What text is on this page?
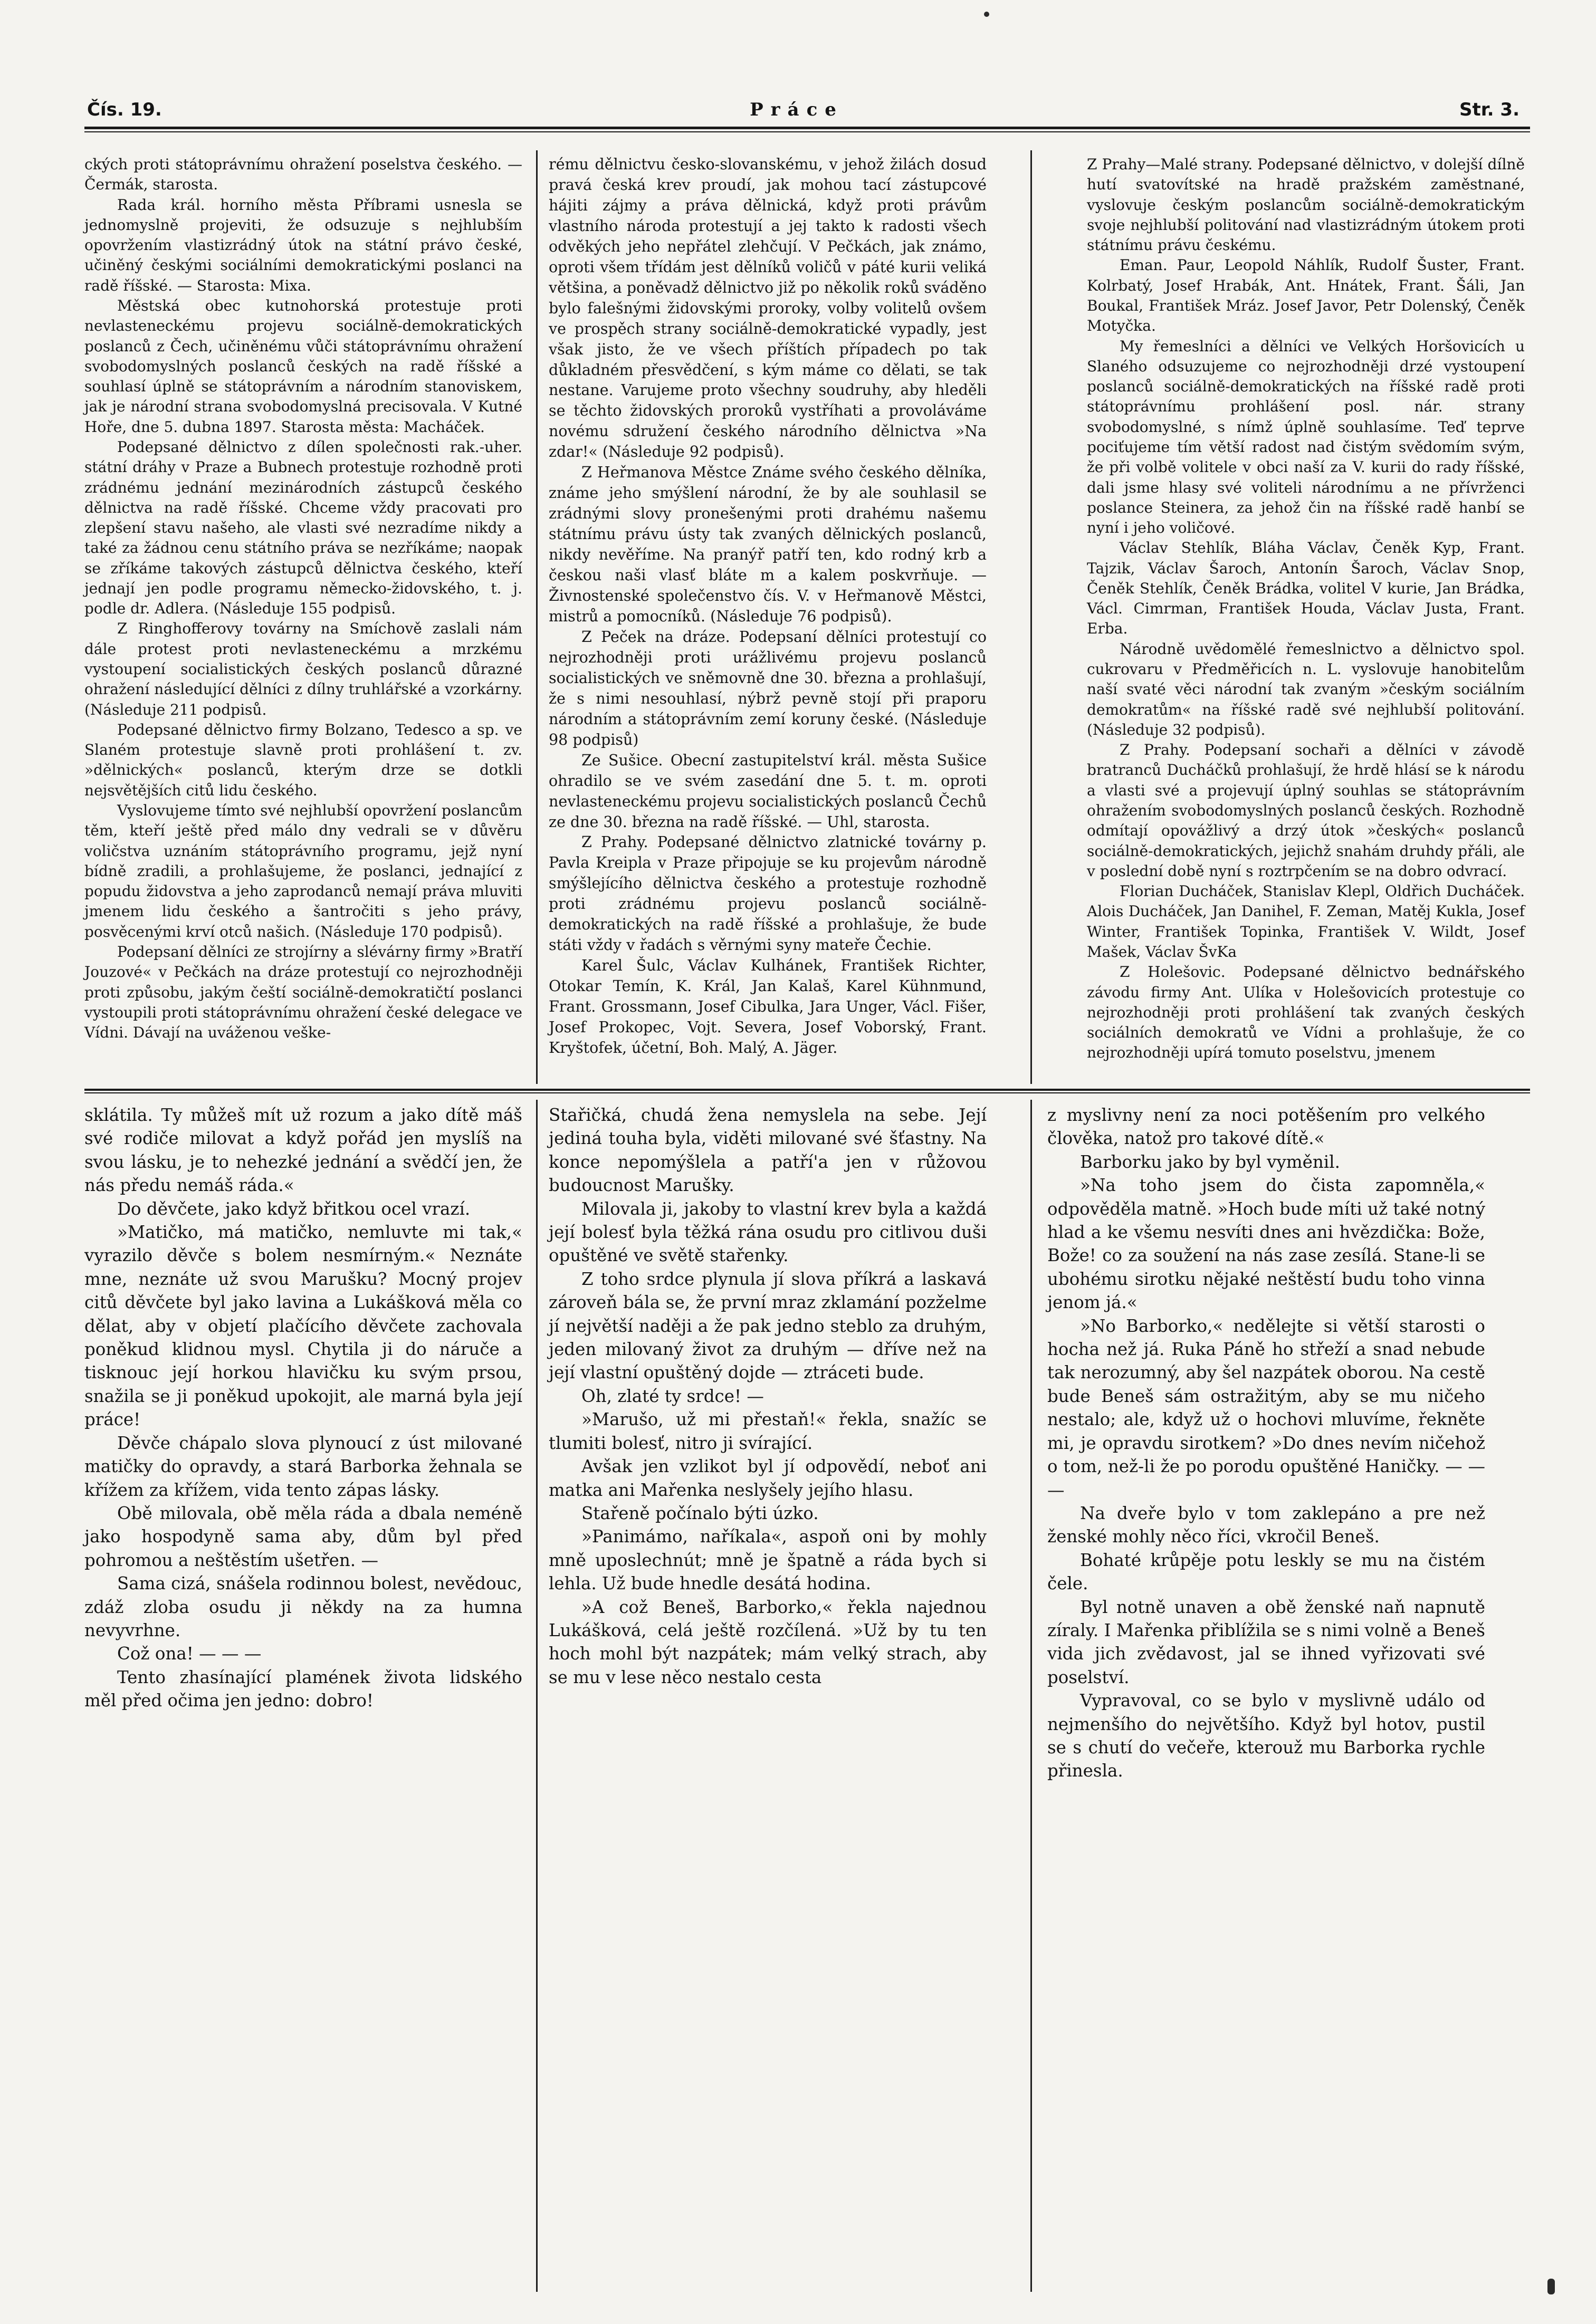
Čís. 19.	Práce	Str. 3.

ckých proti státoprávnímu ohražení poselstva českého. — Čermák, starosta.

Rada král. horního města Příbrami usnesla se jednomyslně projeviti, že odsuzuje s nejhlubším opovržením vlastizrádný útok na státní právo české, učiněný českými sociálními demokratickými poslanci na radě říšské. — Starosta: Mixa.

Městská obec kutnohorská protestuje proti nevlasteneckému projevu sociálně-demokratických poslanců z Čech, učiněnému vůči státoprávnímu ohražení svobodomyslných poslanců českých na radě říšské a souhlasí úplně se státoprávním a národním stanoviskem, jak je národní strana svobodomyslná precisovala. V Kutné Hoře, dne 5. dubna 1897. Starosta města: Macháček.

Podepsané dělnictvo z dílen společnosti rak.-uher. státní dráhy v Praze a Bubnech protestuje rozhodně proti zrádnému jednání mezinárodních zástupců českého dělnictva na radě říšské. Chceme vždy pracovati pro zlepšení stavu našeho, ale vlasti své nezradíme nikdy a také za žádnou cenu státního práva se nezříkáme; naopak se zříkáme takových zástupců dělnictva českého, kteří jednají jen podle programu německo-židovského, t. j. podle dr. Adlera. (Následuje 155 podpisů.

Z Ringhofferovy továrny na Smíchově zaslali nám dále protest proti nevlasteneckému a mrzkému vystoupení socialistických českých poslanců důrazné ohražení následující dělníci z dílny truhlářské a vzorkárny. (Následuje 211 podpisů.

Podepsané dělnictvo firmy Bolzano, Tedesco a sp. ve Slaném protestuje slavně proti prohlášení t. zv. »dělnických« poslanců, kterým drze se dotkli nejsvětějších citů lidu českého.

Vyslovujeme tímto své nejhlubší opovržení poslancům těm, kteří ještě před málo dny vedrali se v důvěru voličstva uznáním státoprávního programu, jejž nyní bídně zradili, a prohlašujeme, že poslanci, jednající z popudu židovstva a jeho zaprodanců nemají práva mluviti jmenem lidu českého a šantročiti s jeho právy, posvěcenými krví otců našich. (Následuje 170 podpisů).

Podepsaní dělníci ze strojírny a slévárny firmy »Bratří Jouzové« v Pečkách na dráze protestují co nejrozhodněji proti způsobu, jakým čeští sociálně-demokratičtí poslanci vystoupili proti státoprávnímu ohražení české delegace ve Vídni. Dávají na uváženou veške-

rému dělnictvu česko-slovanskému, v jehož žilách dosud pravá česká krev proudí, jak mohou tací zástupcové hájiti zájmy a práva dělnická, když proti právům vlastního národa protestují a jej takto k radosti všech odvěkých jeho nepřátel zlehčují. V Pečkách, jak známo, oproti všem třídám jest dělníků voličů v páté kurii veliká většina, a poněvadž dělnictvo již po několik roků sváděno bylo falešnými židovskými proroky, volby volitelů ovšem ve prospěch strany sociálně-demokratické vypadly, jest však jisto, že ve všech příštích případech po tak důkladném přesvědčení, s kým máme co dělati, se tak nestane. Varujeme proto všechny soudruhy, aby hleděli se těchto židovských proroků vystříhati a provoláváme novému sdružení českého národního dělnictva »Na zdar!« (Následuje 92 podpisů).

Z Heřmanova Městce Známe svého českého dělníka, známe jeho smýšlení národní, že by ale souhlasil se zrádnými slovy pronešenými proti drahému našemu státnímu právu ústy tak zvaných dělnických poslanců, nikdy nevěříme. Na pranýř patří ten, kdo rodný krb a českou naši vlasť bláte m a kalem poskvrňuje. — Živnostenské společenstvo čís. V. v Heřmanově Městci, mistrů a pomocníků. (Následuje 76 podpisů).

Z Peček na dráze. Podepsaní dělníci protestují co nejrozhodněji proti urážlivému projevu poslanců socialistických ve sněmovně dne 30. března a prohlašují, že s nimi nesouhlasí, nýbrž pevně stojí při praporu národním a státoprávním zemí koruny české. (Následuje 98 podpisů)

Ze Sušice. Obecní zastupitelství král. města Sušice ohradilo se ve svém zasedání dne 5. t. m. oproti nevlasteneckému projevu socialistických poslanců Čechů ze dne 30. března na radě říšské. — Uhl, starosta.

Z Prahy. Podepsané dělnictvo zlatnické továrny p. Pavla Kreipla v Praze připojuje se ku projevům národně smýšlejícího dělnictva českého a protestuje rozhodně proti zrádnému projevu poslanců sociálně-demokratických na radě říšské a prohlašuje, že bude státi vždy v řadách s věrnými syny mateře Čechie.

Karel Šulc, Václav Kulhánek, František Richter, Otokar Temín, K. Král, Jan Kalaš, Karel Kühnmund, Frant. Grossmann, Josef Cibulka, Jara Unger, Václ. Fišer, Josef Prokopec, Vojt. Severa, Josef Voborský, Frant. Kryštofek, účetní, Boh. Malý, A. Jäger.

Z Prahy—Malé strany. Podepsané dělnictvo, v dolejší dílně hutí svatovítské na hradě pražském zaměstnané, vyslovuje českým poslancům sociálně-demokratickým svoje nejhlubší politování nad vlastizrádným útokem proti státnímu právu českému.

Eman. Paur, Leopold Náhlík, Rudolf Šuster, Frant. Kolrbatý, Josef Hrabák, Ant. Hnátek, Frant. Šáli, Jan Boukal, František Mráz. Josef Javor, Petr Dolenský, Čeněk Motyčka.

My řemeslníci a dělníci ve Velkých Horšovicích u Slaného odsuzujeme co nejrozhodněji drzé vystoupení poslanců sociálně-demokratických na říšské radě proti státoprávnímu prohlášení posl. nár. strany svobodomyslné, s nímž úplně souhlasíme. Teď teprve pociťujeme tím větší radost nad čistým svědomím svým, že při volbě volitele v obci naší za V. kurii do rady říšské, dali jsme hlasy své voliteli národnímu a ne přívrženci poslance Steinera, za jehož čin na říšské radě hanbí se nyní i jeho voličové.

Václav Stehlík, Bláha Václav, Čeněk Kyp, Frant. Tajzik, Václav Šaroch, Antonín Šaroch, Václav Snop, Čeněk Stehlík, Čeněk Brádka, volitel V kurie, Jan Brádka, Václ. Cimrman, František Houda, Václav Justa, Frant. Erba.

Národně uvědomělé řemeslnictvo a dělnictvo spol. cukrovaru v Předměřicích n. L. vyslovuje hanobitelům naší svaté věci národní tak zvaným »českým sociálním demokratům« na říšské radě své nejhlubší politování. (Následuje 32 podpisů).

Z Prahy. Podepsaní sochaři a dělníci v závodě bratranců Ducháčků prohlašují, že hrdě hlásí se k národu a vlasti své a projevují úplný souhlas se státoprávním ohražením svobodomyslných poslanců českých. Rozhodně odmítají opovážlivý a drzý útok »českých« poslanců sociálně-demokratických, jejichž snahám druhdy přáli, ale v poslední době nyní s roztrpčením se na dobro odvrací.

Florian Ducháček, Stanislav Klepl, Oldřich Ducháček. Alois Ducháček, Jan Danihel, F. Zeman, Matěj Kukla, Josef Winter, František Topinka, František V. Wildt, Josef Mašek, Václav ŠvKa

Z Holešovic. Podepsané dělnictvo bednářského závodu firmy Ant. Ulíka v Holešovicích protestuje co nejrozhodněji proti prohlášení tak zvaných českých sociálních demokratů ve Vídni a prohlašuje, že co nejrozhodněji upírá tomuto poselstvu, jmenem

sklátila. Ty můžeš mít už rozum a jako dítě máš své rodiče milovat a když pořád jen myslíš na svou lásku, je to nehezké jednání a svědčí jen, že nás předu nemáš ráda.«

Do děvčete, jako když břitkou ocel vrazí.

»Matičko, má matičko, nemluvte mi tak,« vyrazilo děvče s bolem nesmírným.« Neznáte mne, neznáte už svou Marušku? Mocný projev citů děvčete byl jako lavina a Lukášková měla co dělat, aby v objetí plačícího děvčete zachovala poněkud klidnou mysl. Chytila ji do náruče a tisknouc její horkou hlavičku ku svým prsou, snažila se ji poněkud upokojit, ale marná byla její práce!

Děvče chápalo slova plynoucí z úst milované matičky do opravdy, a stará Barborka žehnala se křížem za křížem, vida tento zápas lásky.

Obě milovala, obě měla ráda a dbala neméně jako hospodyně sama aby, dům byl před pohromou a neštěstím ušetřen. —

Sama cizá, snášela rodinnou bolest, nevědouc, zdáž zloba osudu ji někdy na za humna nevyvrhne.

Což ona! — — —

Tento zhasínající plamének života lidského měl před očima jen jedno: dobro!

Stařičká, chudá žena nemyslela na sebe. Její jediná touha byla, viděti milované své šťastny. Na konce nepomýšlela a patří'a jen v růžovou budoucnost Marušky.

Milovala ji, jakoby to vlastní krev byla a každá její bolesť byla těžká rána osudu pro citlivou duši opuštěné ve světě stařenky.

Z toho srdce plynula jí slova příkrá a laskavá zároveň bála se, že první mraz zklamání pozželme jí největší naději a že pak jedno steblo za druhým, jeden milovaný život za druhým — dříve než na její vlastní opuštěný dojde — ztráceti bude.

Oh, zlaté ty srdce! —

»Marušo, už mi přestaň!« řekla, snažíc se tlumiti bolesť, nitro ji svírající.

Avšak jen vzlikot byl jí odpovědí, neboť ani matka ani Mařenka neslyšely jejího hlasu.

Stařeně počínalo býti úzko.

»Panimámo, naříkala«, aspoň oni by mohly mně uposlechnút; mně je špatně a ráda bych si lehla. Už bude hnedle desátá hodina.

»A což Beneš, Barborko,« řekla najednou Lukášková, celá ještě rozčílená. »Už by tu ten hoch mohl být nazpátek; mám velký strach, aby se mu v lese něco nestalo cesta

z myslivny není za noci potěšením pro velkého člověka, natož pro takové dítě.«

Barborku jako by byl vyměnil.

»Na toho jsem do čista zapomněla,« odpověděla matně. »Hoch bude míti už také notný hlad a ke všemu nesvíti dnes ani hvězdička: Bože, Bože! co za soužení na nás zase zesílá. Stane-li se ubohému sirotku nějaké neštěstí budu toho vinna jenom já.«

»No Barborko,« nedělejte si větší starosti o hocha než já. Ruka Páně ho střeží a snad nebude tak nerozumný, aby šel nazpátek oborou. Na cestě bude Beneš sám ostražitým, aby se mu ničeho nestalo; ale, když už o hochovi mluvíme, řekněte mi, je opravdu sirotkem? »Do dnes nevím ničehož o tom, než-li že po porodu opuštěné Haničky. — — —

Na dveře bylo v tom zaklepáno a pre než ženské mohly něco říci, vkročil Beneš.

Bohaté krůpěje potu leskly se mu na čistém čele.

Byl notně unaven a obě ženské naň napnutě zíraly. I Mařenka přiblížila se s nimi volně a Beneš vida jich zvědavost, jal se ihned vyřizovati své poselství.

Vypravoval, co se bylo v myslivně událo od nejmenšího do největšího. Když byl hotov, pustil se s chutí do večeře, kterouž mu Barborka rychle přinesla.
